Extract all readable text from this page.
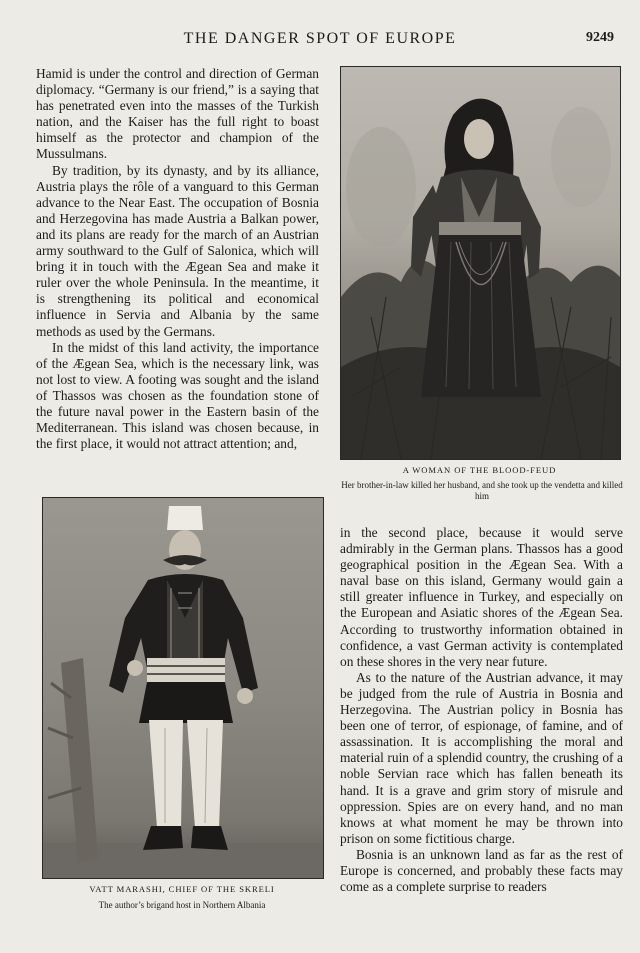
THE DANGER SPOT OF EUROPE	9249

Hamid is under the control and direction of German diplomacy. “Germany is our friend,” is a saying that has penetrated even into the masses of the Turkish nation, and the Kaiser has the full right to boast himself as the protector and champion of the Mussulmans.

By tradition, by its dynasty, and by its alliance, Austria plays the rôle of a vanguard to this German advance to the Near East. The occupation of Bosnia and Herzegovina has made Austria a Balkan power, and its plans are ready for the march of an Austrian army southward to the Gulf of Salonica, which will bring it in touch with the Ægean Sea and make it ruler over the whole Peninsula. In the meantime, it is strengthening its political and economical influence in Servia and Albania by the same methods as used by the Germans.

In the midst of this land activity, the importance of the Ægean Sea, which is the necessary link, was not lost to view. A footing was sought and the island of Thassos was chosen as the foundation stone of the future naval power in the Eastern basin of the Mediterranean. This island was chosen because, in the first place, it would not attract attention; and,

in the second place, because it would serve admirably in the German plans. Thassos has a good geographical position in the Ægean Sea. With a naval base on this island, Germany would gain a still greater influence in Turkey, and especially on the European and Asiatic shores of the Ægean Sea. According to trustworthy information obtained in confidence, a vast German activity is contemplated on these shores in the very near future.

As to the nature of the Austrian advance, it may be judged from the rule of Austria in Bosnia and Herzegovina. The Austrian policy in Bosnia has been one of terror, of espionage, of famine, and of assassination. It is accomplishing the moral and material ruin of a splendid country, the crushing of a noble Servian race which has fallen beneath its hand. It is a grave and grim story of misrule and oppression. Spies are on every hand, and no man knows at what moment he may be thrown into prison on some fictitious charge.

Bosnia is an unknown land as far as the rest of Europe is concerned, and probably these facts may come as a complete surprise to readers

A WOMAN OF THE BLOOD-FEUD
Her brother-in-law killed her husband, and she took up the vendetta and killed him
VATT MARASHI, CHIEF OF THE SKRELI
The author’s brigand host in Northern Albania
